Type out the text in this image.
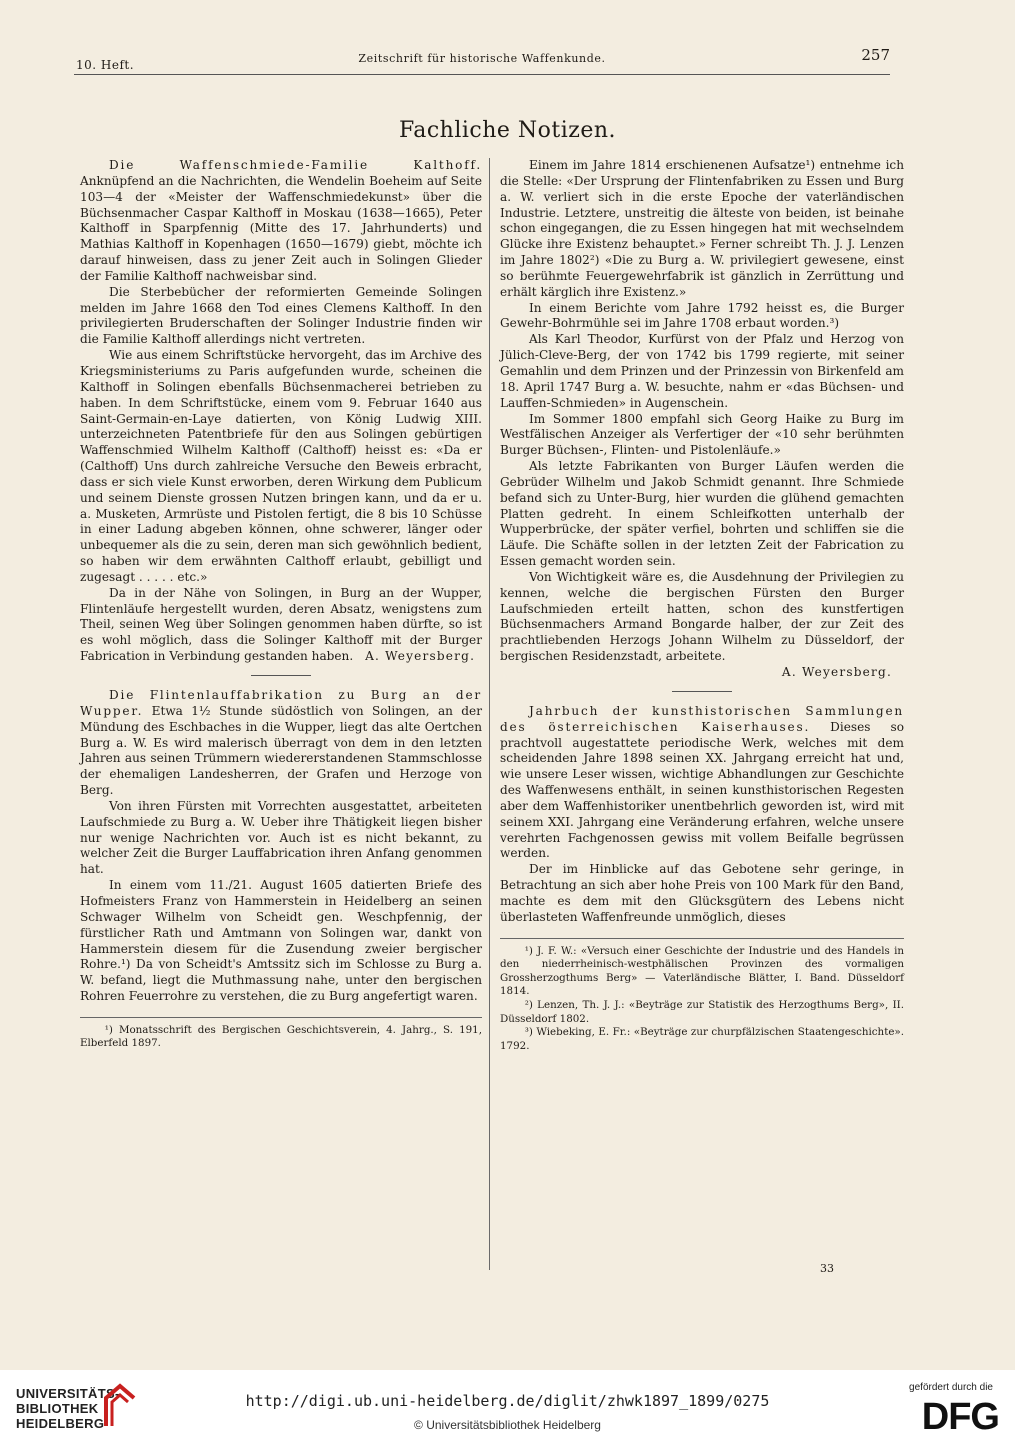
10. Heft.	Zeitschrift für historische Waffenkunde.	257
Fachliche Notizen.

Die Waffenschmiede-Familie Kalthoff. Anknüpfend an die Nachrichten, die Wendelin Boeheim auf Seite 103—4 der «Meister der Waffenschmiedekunst» über die Büchsenmacher Caspar Kalthoff in Moskau (1638—1665), Peter Kalthoff in Sparpfennig (Mitte des 17. Jahrhunderts) und Mathias Kalthoff in Kopenhagen (1650—1679) giebt, möchte ich darauf hinweisen, dass zu jener Zeit auch in Solingen Glieder der Familie Kalthoff nachweisbar sind.

Die Sterbebücher der reformierten Gemeinde Solingen melden im Jahre 1668 den Tod eines Clemens Kalthoff. In den privilegierten Bruderschaften der Solinger Industrie finden wir die Familie Kalthoff allerdings nicht vertreten.

Wie aus einem Schriftstücke hervorgeht, das im Archive des Kriegsministeriums zu Paris aufgefunden wurde, scheinen die Kalthoff in Solingen ebenfalls Büchsenmacherei betrieben zu haben. In dem Schriftstücke, einem vom 9. Februar 1640 aus Saint-Germain-en-Laye datierten, von König Ludwig XIII. unterzeichneten Patentbriefe für den aus Solingen gebürtigen Waffenschmied Wilhelm Kalthoff (Calthoff) heisst es: «Da er (Calthoff) Uns durch zahlreiche Versuche den Beweis erbracht, dass er sich viele Kunst erworben, deren Wirkung dem Publicum und seinem Dienste grossen Nutzen bringen kann, und da er u. a. Musketen, Armrüste und Pistolen fertigt, die 8 bis 10 Schüsse in einer Ladung abgeben können, ohne schwerer, länger oder unbequemer als die zu sein, deren man sich gewöhnlich bedient, so haben wir dem erwähnten Calthoff erlaubt, gebilligt und zugesagt . . . . . etc.»

Da in der Nähe von Solingen, in Burg an der Wupper, Flintenläufe hergestellt wurden, deren Absatz, wenigstens zum Theil, seinen Weg über Solingen genommen haben dürfte, so ist es wohl möglich, dass die Solinger Kalthoff mit der Burger Fabrication in Verbindung gestanden haben. A. Weyersberg.

Die Flintenlauffabrikation zu Burg an der Wupper. Etwa 1½ Stunde südöstlich von Solingen, an der Mündung des Eschbaches in die Wupper, liegt das alte Oertchen Burg a. W. Es wird malerisch überragt von dem in den letzten Jahren aus seinen Trümmern wiedererstandenen Stammschlosse der ehemaligen Landesherren, der Grafen und Herzoge von Berg.

Von ihren Fürsten mit Vorrechten ausgestattet, arbeiteten Laufschmiede zu Burg a. W. Ueber ihre Thätigkeit liegen bisher nur wenige Nachrichten vor. Auch ist es nicht bekannt, zu welcher Zeit die Burger Lauffabrication ihren Anfang genommen hat.

In einem vom 11./21. August 1605 datierten Briefe des Hofmeisters Franz von Hammerstein in Heidelberg an seinen Schwager Wilhelm von Scheidt gen. Weschpfennig, der fürstlicher Rath und Amtmann von Solingen war, dankt von Hammerstein diesem für die Zusendung zweier bergischer Rohre.¹) Da von Scheidt's Amtssitz sich im Schlosse zu Burg a. W. befand, liegt die Muthmassung nahe, unter den bergischen Rohren Feuerrohre zu verstehen, die zu Burg angefertigt waren.

¹) Monatsschrift des Bergischen Geschichtsverein, 4. Jahrg., S. 191, Elberfeld 1897.

Einem im Jahre 1814 erschienenen Aufsatze¹) entnehme ich die Stelle: «Der Ursprung der Flintenfabriken zu Essen und Burg a. W. verliert sich in die erste Epoche der vaterländischen Industrie. Letztere, unstreitig die älteste von beiden, ist beinahe schon eingegangen, die zu Essen hingegen hat mit wechselndem Glücke ihre Existenz behauptet.» Ferner schreibt Th. J. J. Lenzen im Jahre 1802²) «Die zu Burg a. W. privilegiert gewesene, einst so berühmte Feuergewehrfabrik ist gänzlich in Zerrüttung und erhält kärglich ihre Existenz.»

In einem Berichte vom Jahre 1792 heisst es, die Burger Gewehr-Bohrmühle sei im Jahre 1708 erbaut worden.³)

Als Karl Theodor, Kurfürst von der Pfalz und Herzog von Jülich-Cleve-Berg, der von 1742 bis 1799 regierte, mit seiner Gemahlin und dem Prinzen und der Prinzessin von Birkenfeld am 18. April 1747 Burg a. W. besuchte, nahm er «das Büchsen- und Lauffen-Schmieden» in Augenschein.

Im Sommer 1800 empfahl sich Georg Haike zu Burg im Westfälischen Anzeiger als Verfertiger der «10 sehr berühmten Burger Büchsen-, Flinten- und Pistolenläufe.»

Als letzte Fabrikanten von Burger Läufen werden die Gebrüder Wilhelm und Jakob Schmidt genannt. Ihre Schmiede befand sich zu Unter-Burg, hier wurden die glühend gemachten Platten gedreht. In einem Schleifkotten unterhalb der Wupperbrücke, der später verfiel, bohrten und schliffen sie die Läufe. Die Schäfte sollen in der letzten Zeit der Fabrication zu Essen gemacht worden sein.

Von Wichtigkeit wäre es, die Ausdehnung der Privilegien zu kennen, welche die bergischen Fürsten den Burger Laufschmieden erteilt hatten, schon des kunstfertigen Büchsenmachers Armand Bongarde halber, der zur Zeit des prachtliebenden Herzogs Johann Wilhelm zu Düsseldorf, der bergischen Residenzstadt, arbeitete.

A. Weyersberg.

Jahrbuch der kunsthistorischen Sammlungen des österreichischen Kaiserhauses. Dieses so prachtvoll augestattete periodische Werk, welches mit dem scheidenden Jahre 1898 seinen XX. Jahrgang erreicht hat und, wie unsere Leser wissen, wichtige Abhandlungen zur Geschichte des Waffenwesens enthält, in seinen kunsthistorischen Regesten aber dem Waffenhistoriker unentbehrlich geworden ist, wird mit seinem XXI. Jahrgang eine Veränderung erfahren, welche unsere verehrten Fachgenossen gewiss mit vollem Beifalle begrüssen werden.

Der im Hinblicke auf das Gebotene sehr geringe, in Betrachtung an sich aber hohe Preis von 100 Mark für den Band, machte es dem mit den Glücksgütern des Lebens nicht überlasteten Waffenfreunde unmöglich, dieses

¹) J. F. W.: «Versuch einer Geschichte der Industrie und des Handels in den niederrheinisch-westphälischen Provinzen des vormaligen Grossherzogthums Berg» — Vaterländische Blätter, I. Band. Düsseldorf 1814.

²) Lenzen, Th. J. J.: «Beyträge zur Statistik des Herzogthums Berg», II. Düsseldorf 1802.

³) Wiebeking, E. Fr.: «Beyträge zur churpfälzischen Staatengeschichte». 1792.

33
UNIVERSITÄTS-
BIBLIOTHEK
HEIDELBERG
http://digi.ub.uni-heidelberg.de/diglit/zhwk1897_1899/0275
© Universitätsbibliothek Heidelberg
gefördert durch die
DFG
